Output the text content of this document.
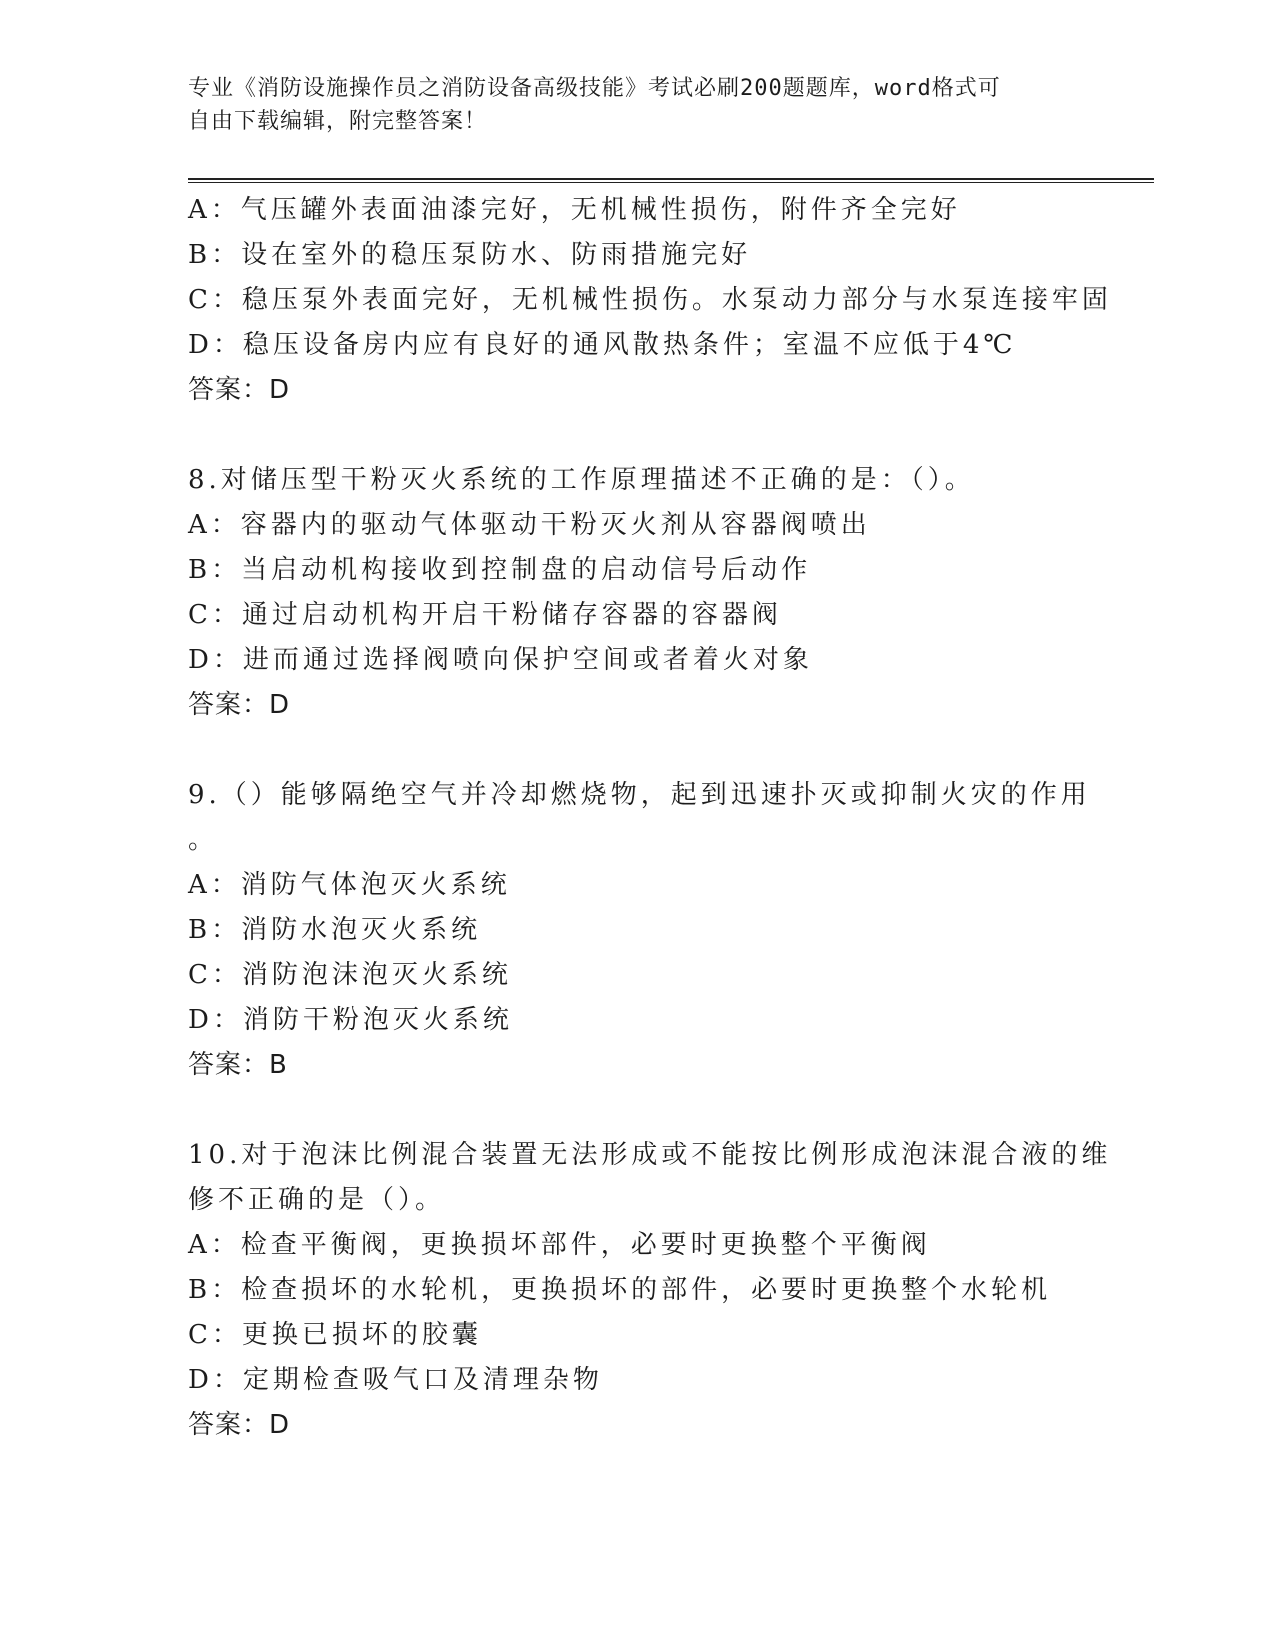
专业《消防设施操作员之消防设备高级技能》考试必刷200题题库，word格式可
自由下载编辑，附完整答案！
A：气压罐外表面油漆完好，无机械性损伤，附件齐全完好
B：设在室外的稳压泵防水、防雨措施完好
C：稳压泵外表面完好，无机械性损伤。水泵动力部分与水泵连接牢固
D：稳压设备房内应有良好的通风散热条件；室温不应低于4℃
答案：D
8.对储压型干粉灭火系统的工作原理描述不正确的是：（）。
A：容器内的驱动气体驱动干粉灭火剂从容器阀喷出
B：当启动机构接收到控制盘的启动信号后动作
C：通过启动机构开启干粉储存容器的容器阀
D：进而通过选择阀喷向保护空间或者着火对象
答案：D
9.（）能够隔绝空气并冷却燃烧物，起到迅速扑灭或抑制火灾的作用
。
A：消防气体泡灭火系统
B：消防水泡灭火系统
C：消防泡沫泡灭火系统
D：消防干粉泡灭火系统
答案：B
10.对于泡沫比例混合装置无法形成或不能按比例形成泡沫混合液的维
修不正确的是（）。
A：检查平衡阀，更换损坏部件，必要时更换整个平衡阀
B：检查损坏的水轮机，更换损坏的部件，必要时更换整个水轮机
C：更换已损坏的胶囊
D：定期检查吸气口及清理杂物
答案：D
